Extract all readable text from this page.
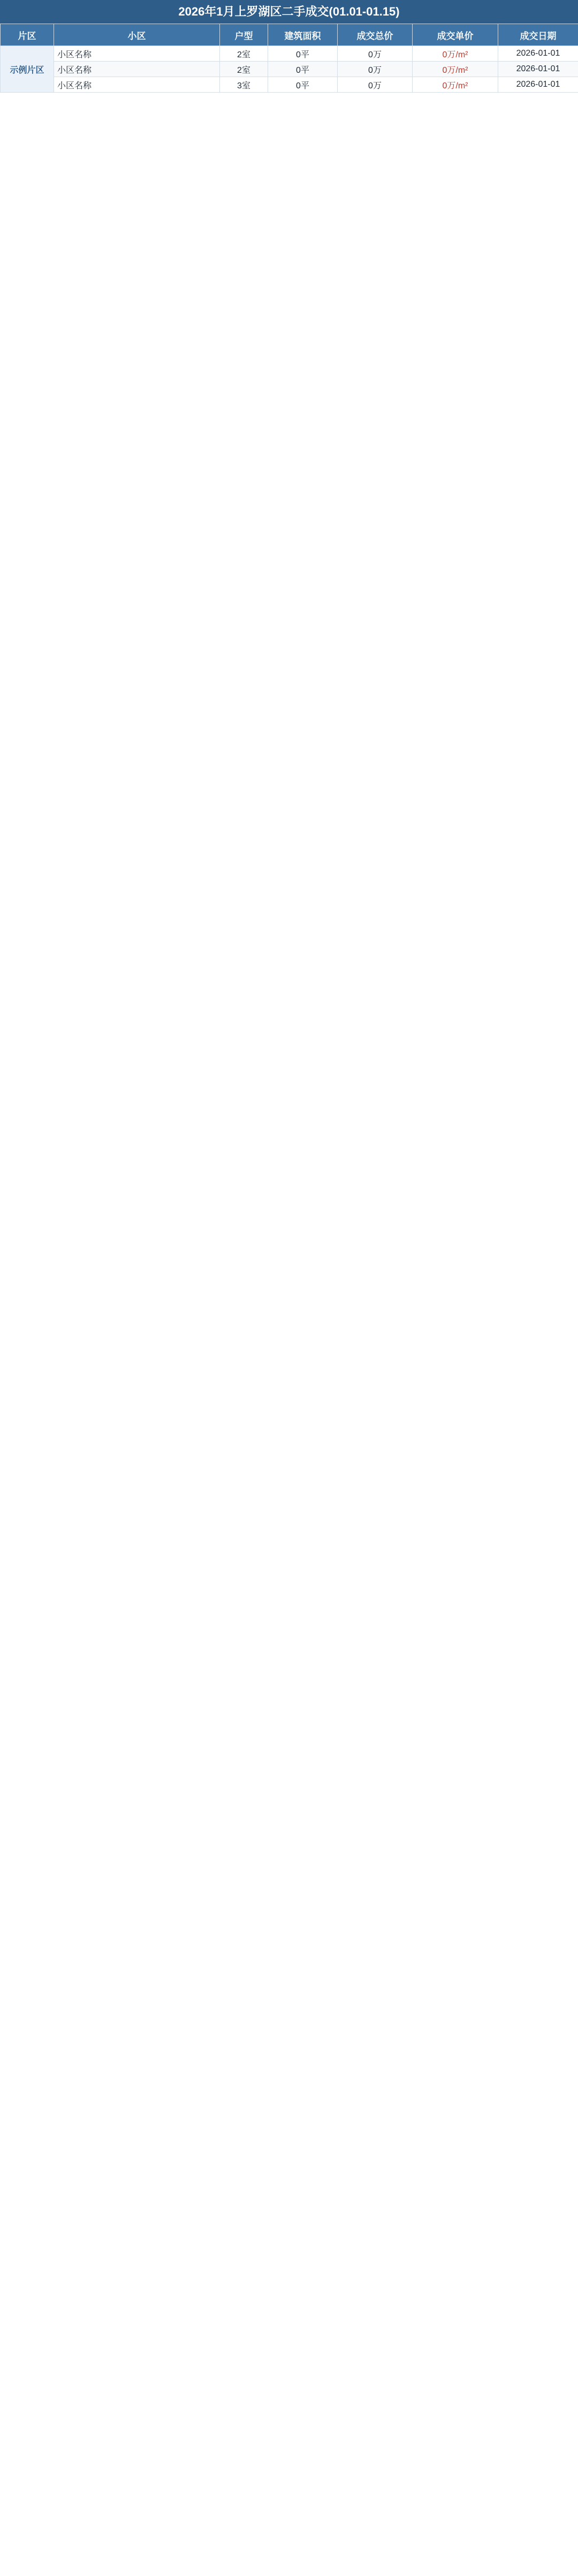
2026年1月上罗湖区二手成交(01.01-01.15)
片区	小区	户型	建筑面积	成交总价	成交单价	成交日期
示例片区	小区名称	2室	0平	0万	0万/m²	2026-01-01
	小区名称	2室	0平	0万	0万/m²	2026-01-01
	小区名称	3室	0平	0万	0万/m²	2026-01-01
